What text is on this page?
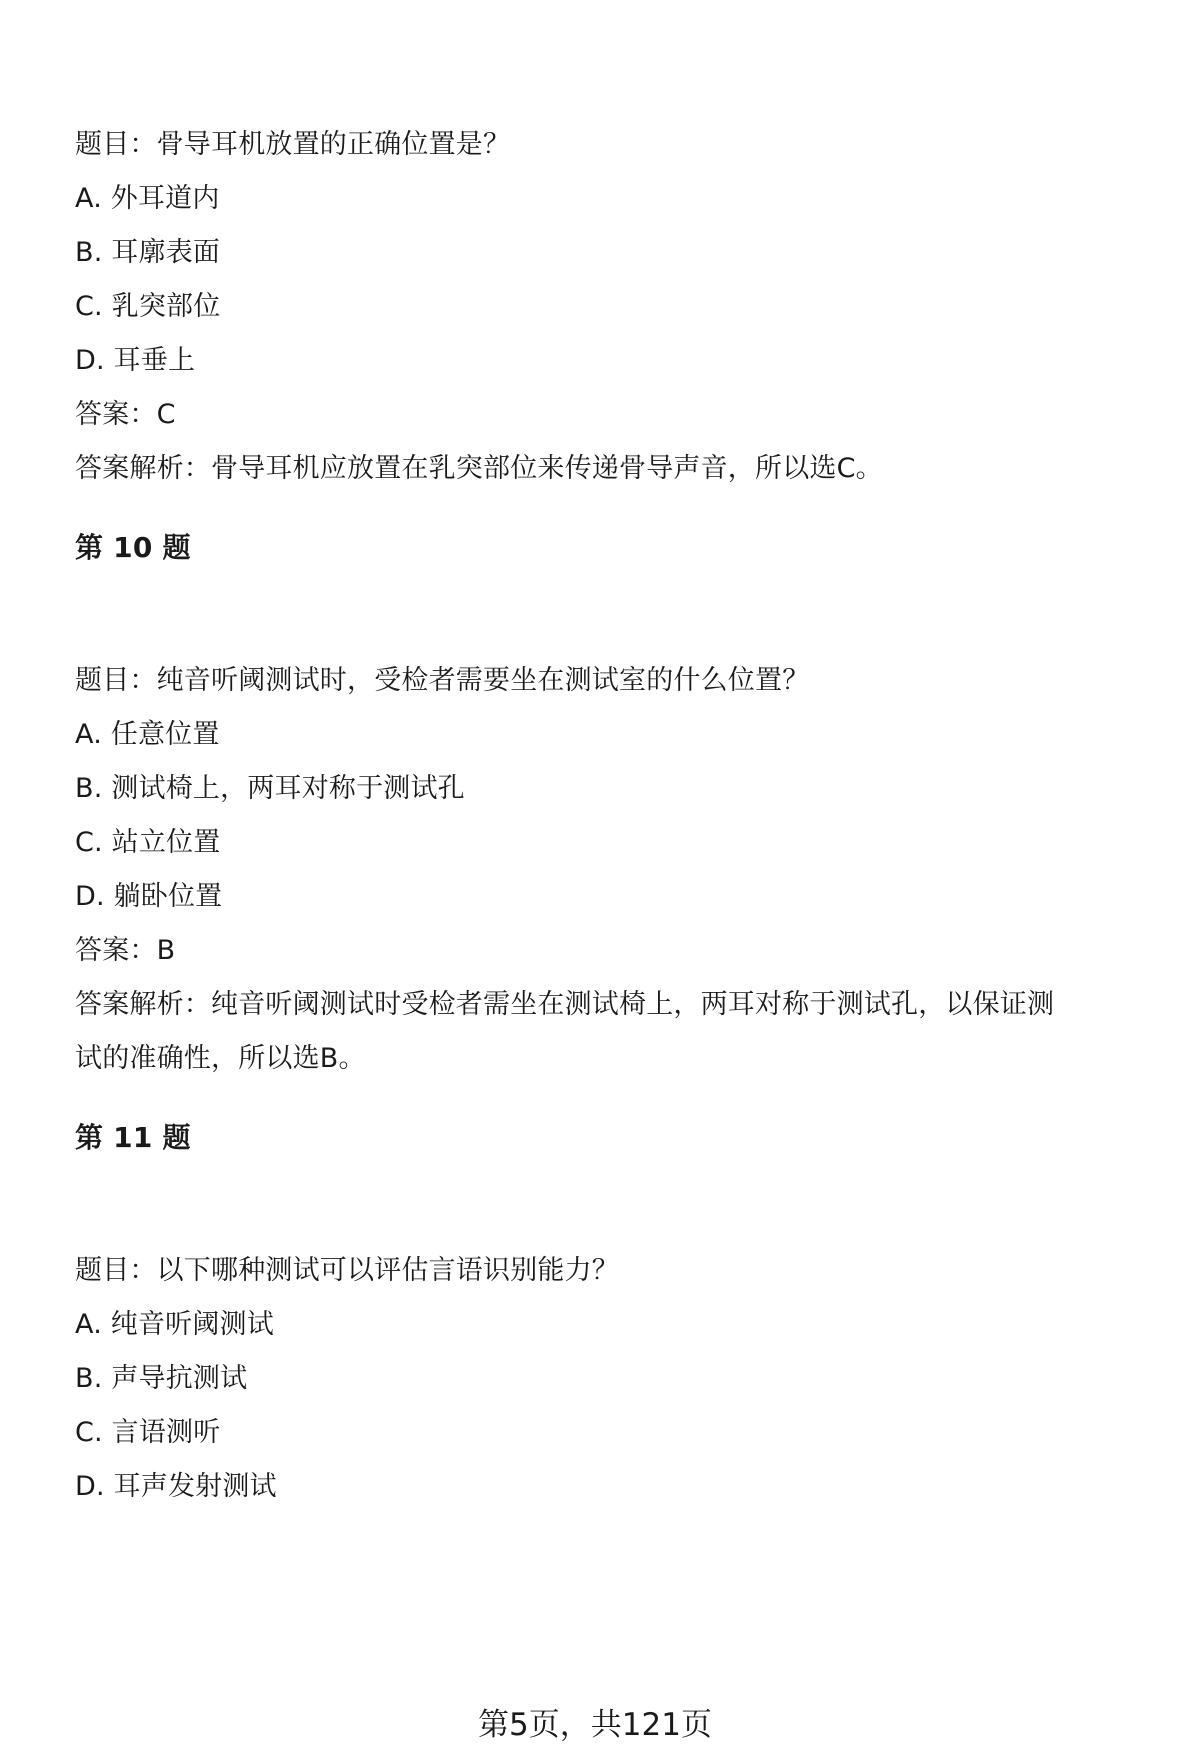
题目：骨导耳机放置的正确位置是？
A. 外耳道内
B. 耳廓表面
C. 乳突部位
D. 耳垂上
答案：C
答案解析：骨导耳机应放置在乳突部位来传递骨导声音，所以选C。
第 10 题
题目：纯音听阈测试时，受检者需要坐在测试室的什么位置？
A. 任意位置
B. 测试椅上，两耳对称于测试孔
C. 站立位置
D. 躺卧位置
答案：B
答案解析：纯音听阈测试时受检者需坐在测试椅上，两耳对称于测试孔，以保证测
试的准确性，所以选B。
第 11 题
题目：以下哪种测试可以评估言语识别能力？
A. 纯音听阈测试
B. 声导抗测试
C. 言语测听
D. 耳声发射测试
第5页，共121页
